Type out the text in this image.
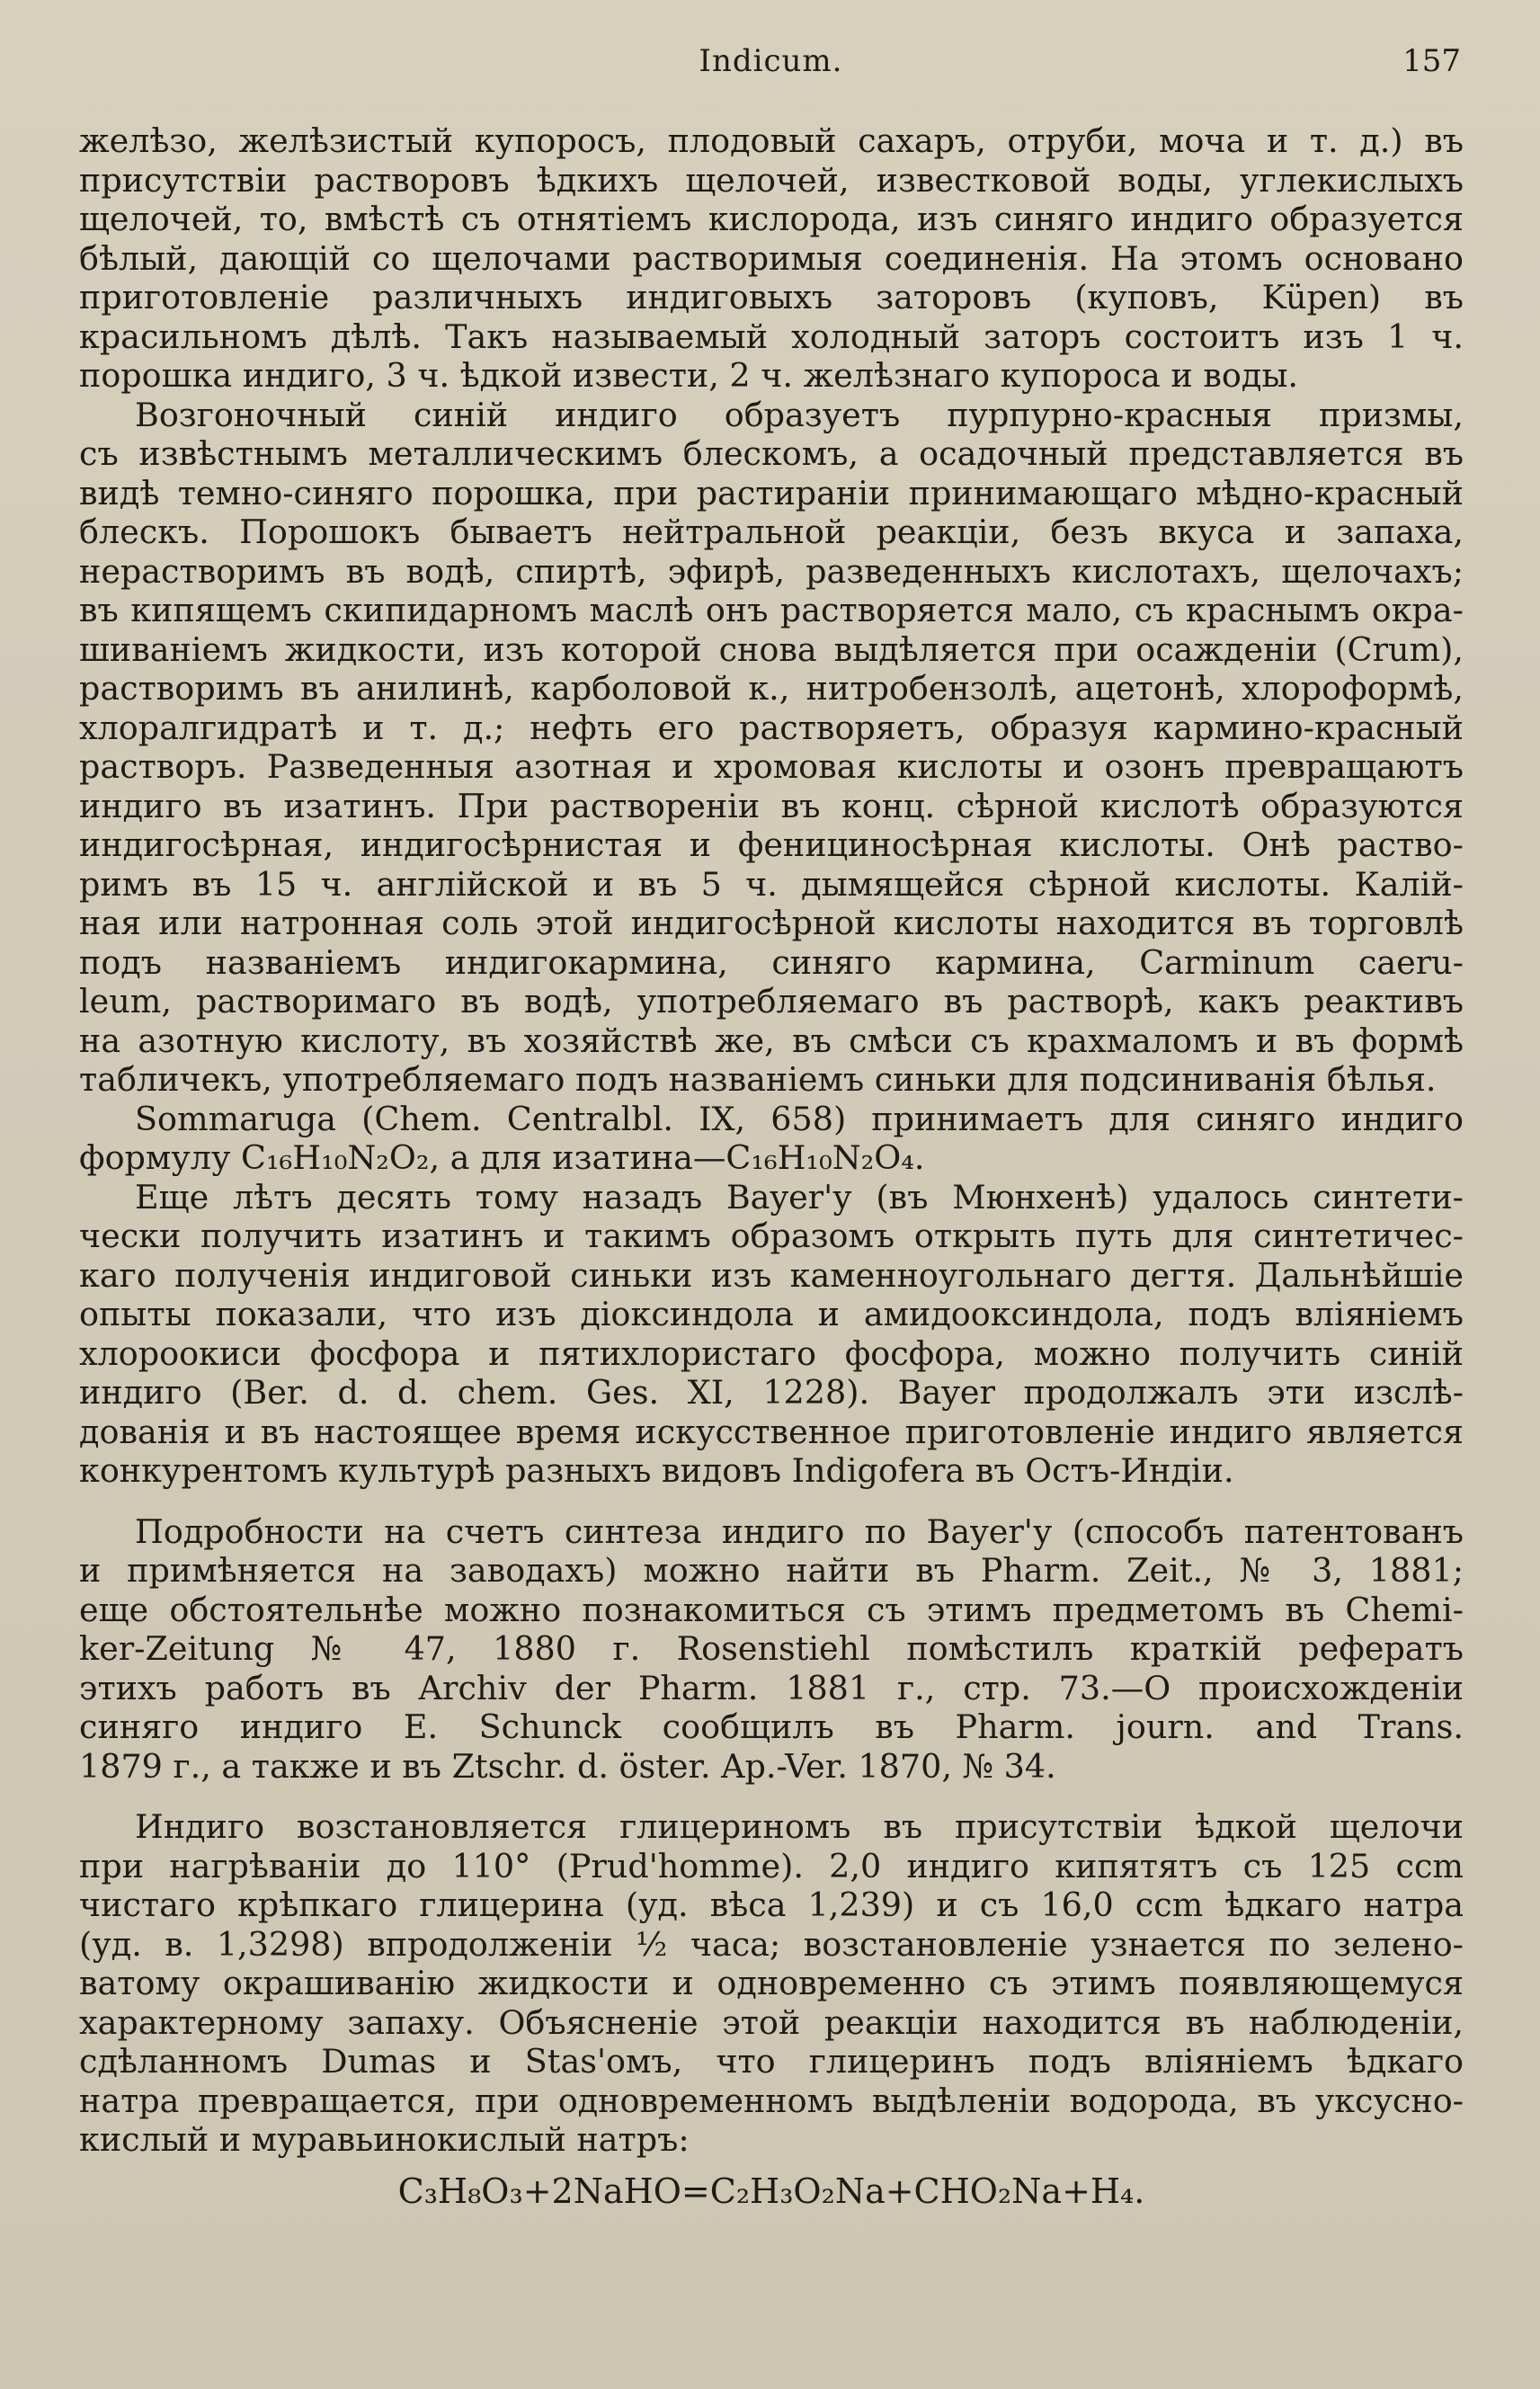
Indicum.	157
желѣзо, желѣзистый купоросъ, плодовый сахаръ, отруби, моча и т. д.) въ
присутствіи растворовъ ѣдкихъ щелочей, известковой воды, углекислыхъ
щелочей, то, вмѣстѣ съ отнятіемъ кислорода, изъ синяго индиго образуется
бѣлый, дающій со щелочами растворимыя соединенія. На этомъ основано
приготовленіе различныхъ индиговыхъ заторовъ (куповъ, Küpen) въ
красильномъ дѣлѣ. Такъ называемый холодный заторъ состоитъ изъ 1 ч.
порошка индиго, 3 ч. ѣдкой извести, 2 ч. желѣзнаго купороса и воды.
Возгоночный синій индиго образуетъ пурпурно-красныя призмы,
съ извѣстнымъ металлическимъ блескомъ, а осадочный представляется въ
видѣ темно-синяго порошка, при растираніи принимающаго мѣдно-красный
блескъ. Порошокъ бываетъ нейтральной реакціи, безъ вкуса и запаха,
нерастворимъ въ водѣ, спиртѣ, эфирѣ, разведенныхъ кислотахъ, щелочахъ;
въ кипящемъ скипидарномъ маслѣ онъ растворяется мало, съ краснымъ окра-
шиваніемъ жидкости, изъ которой снова выдѣляется при осажденіи (Crum),
растворимъ въ анилинѣ, карболовой к., нитробензолѣ, ацетонѣ, хлороформѣ,
хлоралгидратѣ и т. д.; нефть его растворяетъ, образуя кармино-красный
растворъ. Разведенныя азотная и хромовая кислоты и озонъ превращаютъ
индиго въ изатинъ. При раствореніи въ конц. сѣрной кислотѣ образуются
индигосѣрная, индигосѣрнистая и фенициносѣрная кислоты. Онѣ раство-
римъ въ 15 ч. англійской и въ 5 ч. дымящейся сѣрной кислоты. Калій-
ная или натронная соль этой индигосѣрной кислоты находится въ торговлѣ
подъ названіемъ индигокармина, синяго кармина, Carminum caeru-
leum, растворимаго въ водѣ, употребляемаго въ растворѣ, какъ реактивъ
на азотную кислоту, въ хозяйствѣ же, въ смѣси съ крахмаломъ и въ формѣ
табличекъ, употребляемаго подъ названіемъ синьки для подсиниванія бѣлья.
Sommaruga (Chem. Centralbl. IX, 658) принимаетъ для синяго индиго
формулу C₁₆H₁₀N₂O₂, а для изатина—C₁₆H₁₀N₂O₄.
Еще лѣтъ десять тому назадъ Bayer'у (въ Мюнхенѣ) удалось синтети-
чески получить изатинъ и такимъ образомъ открыть путь для синтетичес-
каго полученія индиговой синьки изъ каменноугольнаго дегтя. Дальнѣйшіе
опыты показали, что изъ діоксиндола и амидооксиндола, подъ вліяніемъ
хлороокиси фосфора и пятихлористаго фосфора, можно получить синій
индиго (Ber. d. d. chem. Ges. XI, 1228). Bayer продолжалъ эти изслѣ-
дованія и въ настоящее время искусственное приготовленіе индиго является
конкурентомъ культурѣ разныхъ видовъ Indigofera въ Остъ-Индіи.
Подробности на счетъ синтеза индиго по Bayer'у (способъ патентованъ
и примѣняется на заводахъ) можно найти въ Pharm. Zeit., № 3, 1881;
еще обстоятельнѣе можно познакомиться съ этимъ предметомъ въ Chemi-
ker-Zeitung № 47, 1880 г. Rosenstiehl помѣстилъ краткій рефератъ
этихъ работъ въ Archiv der Pharm. 1881 г., стр. 73.—О происхожденіи
синяго индиго E. Schunck сообщилъ въ Pharm. journ. and Trans.
1879 г., а также и въ Ztschr. d. öster. Ap.-Ver. 1870, № 34.
Индиго возстановляется глицериномъ въ присутствіи ѣдкой щелочи
при нагрѣваніи до 110° (Prud'homme). 2,0 индиго кипятятъ съ 125 ccm
чистаго крѣпкаго глицерина (уд. вѣса 1,239) и съ 16,0 ccm ѣдкаго натра
(уд. в. 1,3298) впродолженіи ½ часа; возстановленіе узнается по зелено-
ватому окрашиванію жидкости и одновременно съ этимъ появляющемуся
характерному запаху. Объясненіе этой реакціи находится въ наблюденіи,
сдѣланномъ Dumas и Stas'омъ, что глицеринъ подъ вліяніемъ ѣдкаго
натра превращается, при одновременномъ выдѣленіи водорода, въ уксусно-
кислый и муравьинокислый натръ:
C₃H₈O₃+2NaHO=C₂H₃O₂Na+CHO₂Na+H₄.
